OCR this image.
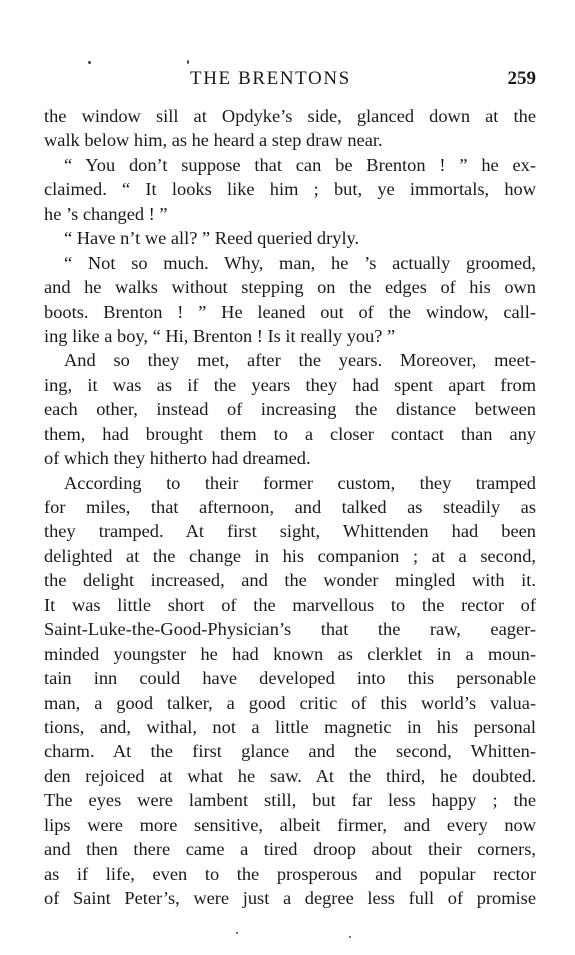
THE BRENTONS	259
the window sill at Opdyke’s side, glanced down at the
walk below him, as he heard a step draw near.
“ You don’t suppose that can be Brenton ! ” he ex-
claimed. “ It looks like him ; but, ye immortals, how
he ’s changed ! ”
“ Have n’t we all? ” Reed queried dryly.
“ Not so much. Why, man, he ’s actually groomed,
and he walks without stepping on the edges of his own
boots. Brenton ! ” He leaned out of the window, call-
ing like a boy, “ Hi, Brenton ! Is it really you? ”
And so they met, after the years. Moreover, meet-
ing, it was as if the years they had spent apart from
each other, instead of increasing the distance between
them, had brought them to a closer contact than any
of which they hitherto had dreamed.
According to their former custom, they tramped
for miles, that afternoon, and talked as steadily as
they tramped. At first sight, Whittenden had been
delighted at the change in his companion ; at a second,
the delight increased, and the wonder mingled with it.
It was little short of the marvellous to the rector of
Saint-Luke-the-Good-Physician’s that the raw, eager-
minded youngster he had known as clerklet in a moun-
tain inn could have developed into this personable
man, a good talker, a good critic of this world’s valua-
tions, and, withal, not a little magnetic in his personal
charm. At the first glance and the second, Whitten-
den rejoiced at what he saw. At the third, he doubted.
The eyes were lambent still, but far less happy ; the
lips were more sensitive, albeit firmer, and every now
and then there came a tired droop about their corners,
as if life, even to the prosperous and popular rector
of Saint Peter’s, were just a degree less full of promise
